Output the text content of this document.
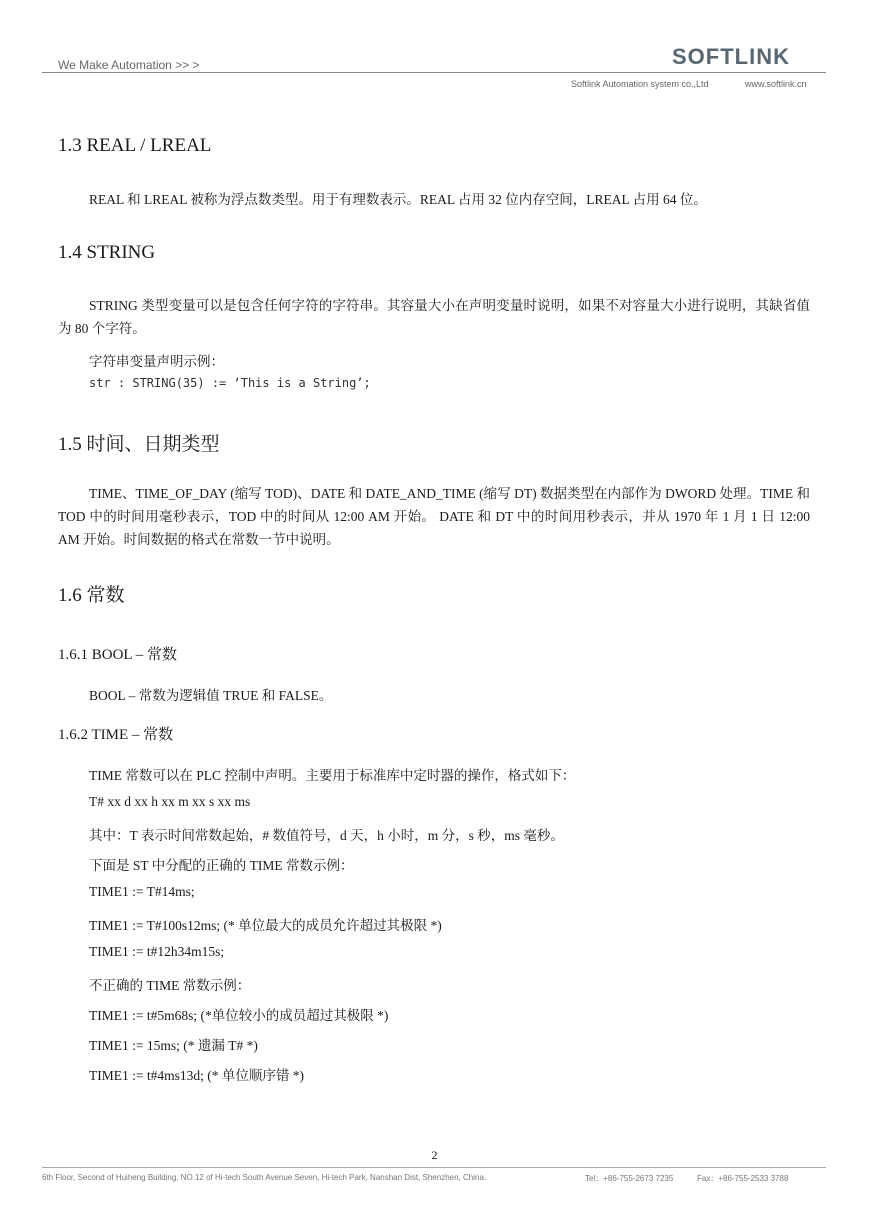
We Make Automation >> >	SOFTLINK
Softlink Automation system co.,Ltd	www.softlink.cn
1.3 REAL / LREAL

REAL 和 LREAL 被称为浮点数类型。用于有理数表示。REAL 占用 32 位内存空间，LREAL 占用 64 位。

1.4 STRING

STRING 类型变量可以是包含任何字符的字符串。其容量大小在声明变量时说明，如果不对容量大小进行说明，其缺省值为 80 个字符。

字符串变量声明示例：

str : STRING(35) := ‘This is a String’;

1.5 时间、日期类型

TIME、TIME_OF_DAY (缩写 TOD)、DATE 和 DATE_AND_TIME (缩写 DT) 数据类型在内部作为 DWORD 处理。TIME 和 TOD 中的时间用毫秒表示，TOD 中的时间从 12:00 AM 开始。 DATE 和 DT 中的时间用秒表示，并从 1970 年 1 月 1 日 12:00 AM 开始。时间数据的格式在常数一节中说明。

1.6 常数
1.6.1 BOOL – 常数

BOOL – 常数为逻辑值 TRUE 和 FALSE。

1.6.2 TIME – 常数

TIME 常数可以在 PLC 控制中声明。主要用于标准库中定时器的操作，格式如下：

T# xx d xx h xx m xx s xx ms

其中：T 表示时间常数起始，# 数值符号，d 天，h 小时，m 分，s 秒，ms 毫秒。

下面是 ST 中分配的正确的 TIME 常数示例：

TIME1 := T#14ms;

TIME1 := T#100s12ms; (* 单位最大的成员允许超过其极限 *)

TIME1 := t#12h34m15s;

不正确的 TIME 常数示例：

TIME1 := t#5m68s; (*单位较小的成员超过其极限 *)

TIME1 := 15ms; (* 遗漏 T# *)

TIME1 := t#4ms13d; (* 单位顺序错 *)

2
6th Floor, Second of Huiheng Building, NO.12 of Hi-tech South Avenue Seven, Hi-tech Park, Nanshan Dist, Shenzhen, China.	Tel：+86-755-2673 7235	Fax：+86-755-2533 3788
